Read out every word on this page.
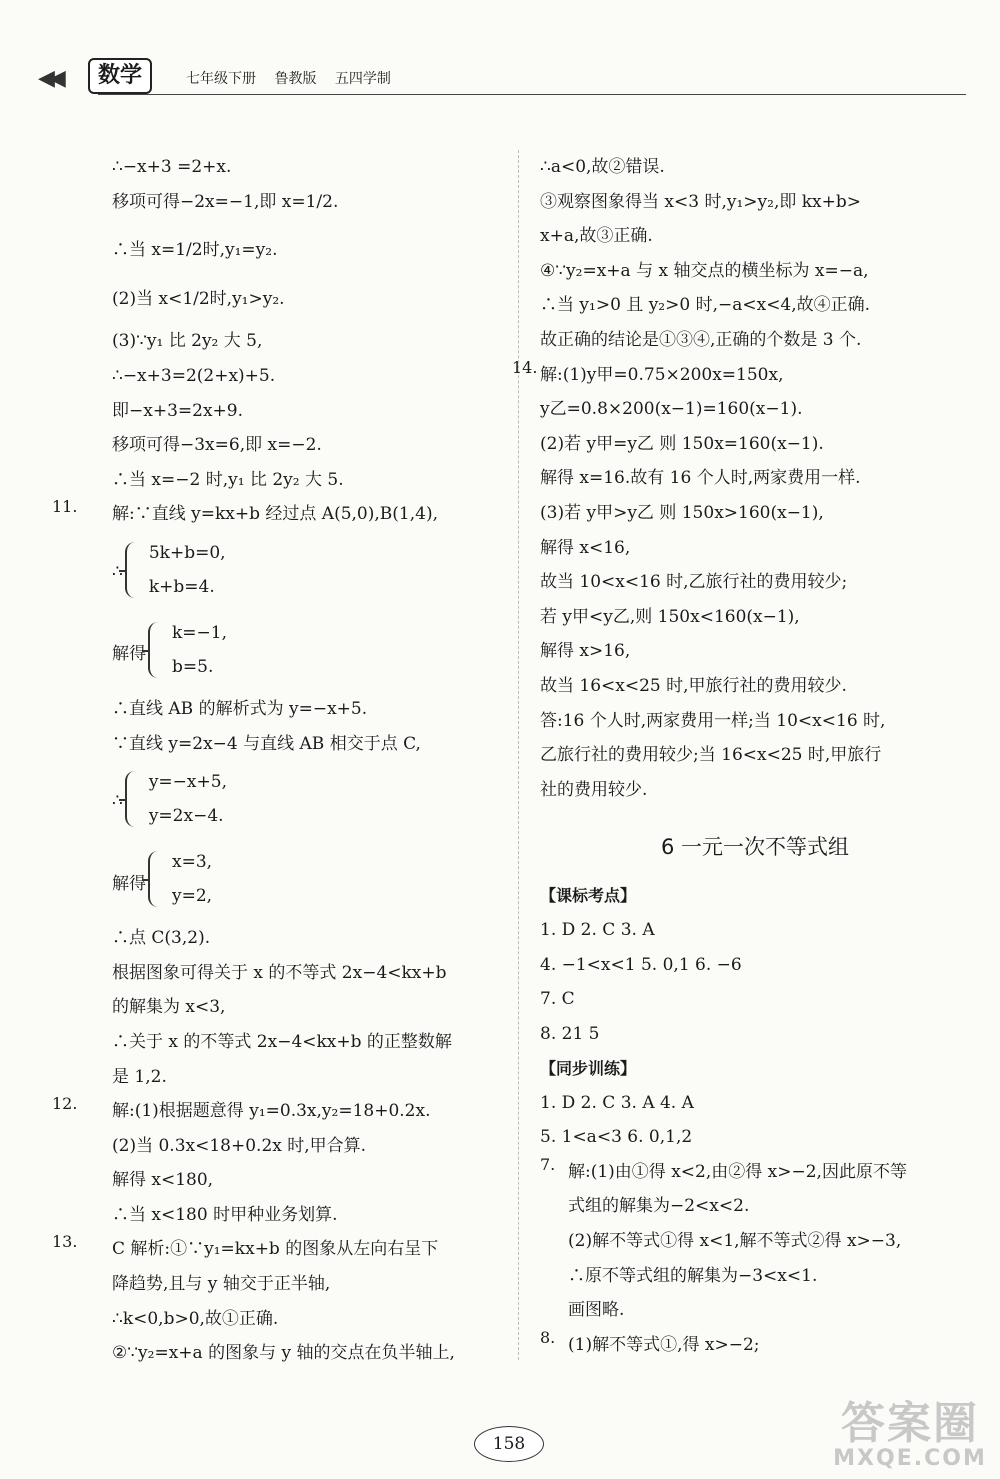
◀◀	数学	七年级下册 鲁教版 五四学制
∴−x+3 =2+x.
移项可得−2x=−1,即 x=1/2.
∴当 x=1/2时,y₁=y₂.
(2)当 x<1/2时,y₁>y₂.
(3)∵y₁ 比 2y₂ 大 5,
∴−x+3=2(2+x)+5.
即−x+3=2x+9.
移项可得−3x=6,即 x=−2.
∴当 x=−2 时,y₁ 比 2y₂ 大 5.
11. 解:∵直线 y=kx+b 经过点 A(5,0),B(1,4),
∴
5k+b=0,
k+b=4.
解得
k=−1,
b=5.
∴直线 AB 的解析式为 y=−x+5.
∵直线 y=2x−4 与直线 AB 相交于点 C,
∴
y=−x+5,
y=2x−4.
解得
x=3,
y=2,
∴点 C(3,2).
根据图象可得关于 x 的不等式 2x−4<kx+b
的解集为 x<3,
∴关于 x 的不等式 2x−4<kx+b 的正整数解
是 1,2.
12. 解:(1)根据题意得 y₁=0.3x,y₂=18+0.2x.
(2)当 0.3x<18+0.2x 时,甲合算.
解得 x<180,
∴当 x<180 时甲种业务划算.
13. C 解析:①∵y₁=kx+b 的图象从左向右呈下
降趋势,且与 y 轴交于正半轴,
∴k<0,b>0,故①正确.
②∵y₂=x+a 的图象与 y 轴的交点在负半轴上,
∴a<0,故②错误.
③观察图象得当 x<3 时,y₁>y₂,即 kx+b>
x+a,故③正确.
④∵y₂=x+a 与 x 轴交点的横坐标为 x=−a,
∴当 y₁>0 且 y₂>0 时,−a<x<4,故④正确.
故正确的结论是①③④,正确的个数是 3 个.
14. 解:(1)y甲=0.75×200x=150x,
y乙=0.8×200(x−1)=160(x−1).
(2)若 y甲=y乙 则 150x=160(x−1).
解得 x=16.故有 16 个人时,两家费用一样.
(3)若 y甲>y乙 则 150x>160(x−1),
解得 x<16,
故当 10<x<16 时,乙旅行社的费用较少;
若 y甲<y乙,则 150x<160(x−1),
解得 x>16,
故当 16<x<25 时,甲旅行社的费用较少.
答:16 个人时,两家费用一样;当 10<x<16 时,
乙旅行社的费用较少;当 16<x<25 时,甲旅行
社的费用较少.
6 一元一次不等式组
【课标考点】
1. D 2. C 3. A
4. −1<x<1 5. 0,1 6. −6
7. C
8. 21 5
【同步训练】
1. D 2. C 3. A 4. A
5. 1<a<3 6. 0,1,2
7. 解:(1)由①得 x<2,由②得 x>−2,因此原不等
式组的解集为−2<x<2.
(2)解不等式①得 x<1,解不等式②得 x>−3,
∴原不等式组的解集为−3<x<1.
画图略.
8. (1)解不等式①,得 x>−2;
158	答案圈
MXQE.COM
